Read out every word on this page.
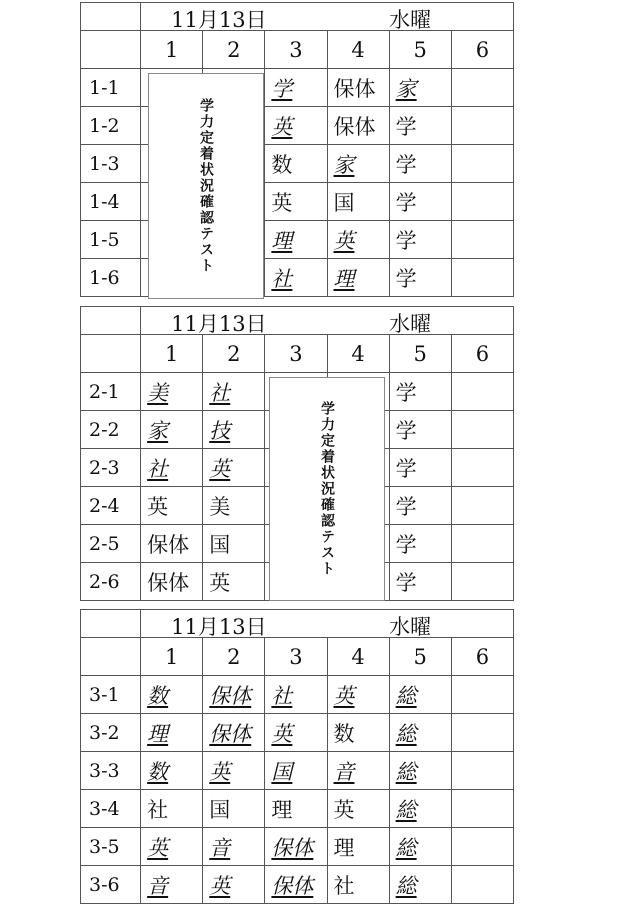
	11月13日 水曜					

	1	2	3	4	5	6
1-1			学	保体	家	
1-2			英	保体	学	
1-3			数	家	学	
1-4			英	国	学	
1-5			理	英	学	
1-6			社	理	学	
学力定着状況確認テスト

	11月13日 水曜					

	1	2	3	4	5	6
2-1	美	社			学	
2-2	家	技			学	
2-3	社	英			学	
2-4	英	美			学	
2-5	保体	国			学	
2-6	保体	英			学	
学力定着状況確認テスト

	11月13日 水曜					

	1	2	3	4	5	6
3-1	数	保体	社	英	総	
3-2	理	保体	英	数	総	
3-3	数	英	国	音	総	
3-4	社	国	理	英	総	
3-5	英	音	保体	理	総	
3-6	音	英	保体	社	総	
